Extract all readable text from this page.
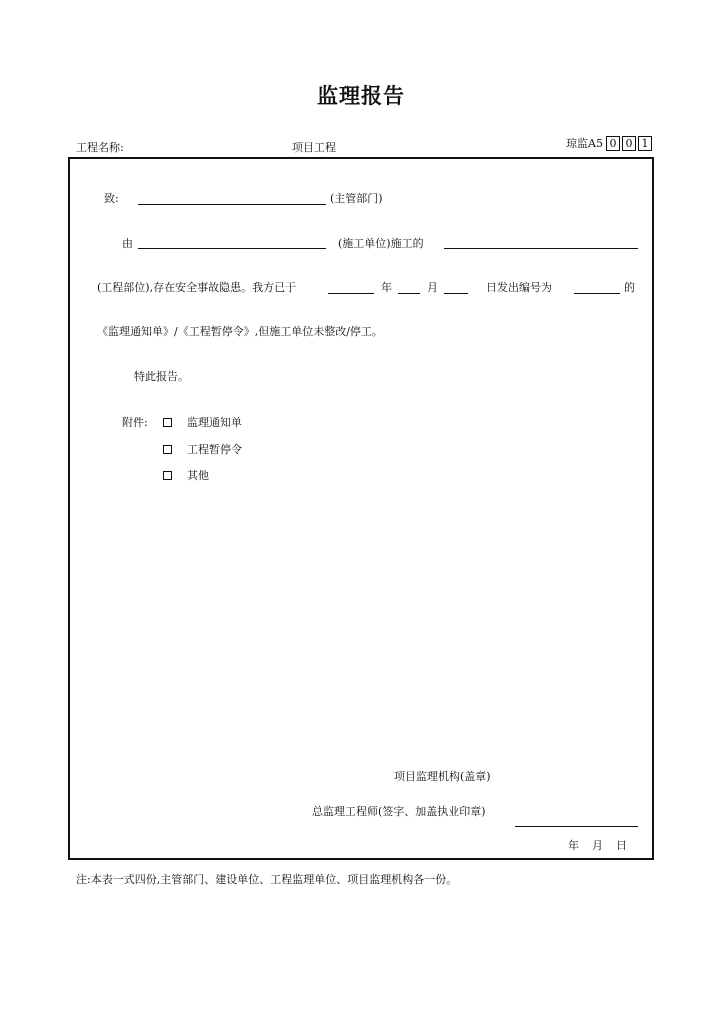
监理报告
工程名称:	项目工程	琼监A5 0 0 1
致:	(主管部门)
由	(施工单位)施工的
(工程部位),存在安全事故隐患。我方已于	年	月	日发出编号为	的
《监理通知单》/《工程暂停令》,但施工单位未整改/停工。
特此报告。
附件:	监理通知单
工程暂停令
其他
项目监理机构(盖章)
总监理工程师(签字、加盖执业印章)
年 月 日
注:本表一式四份,主管部门、建设单位、工程监理单位、项目监理机构各一份。
